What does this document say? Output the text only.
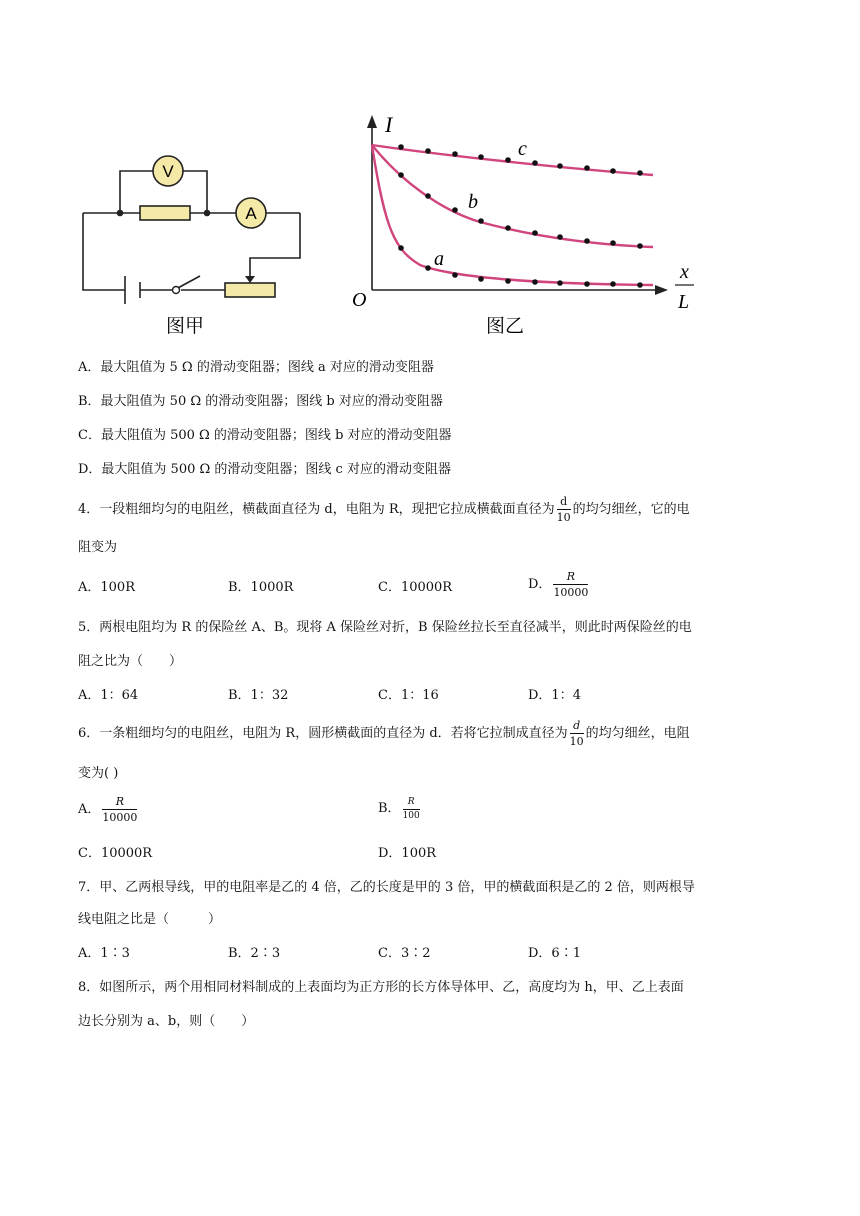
V
A
图甲
I
O
x
L
c
b
a
图乙
A．最大阻值为 5 Ω 的滑动变阻器；图线 a 对应的滑动变阻器
B．最大阻值为 50 Ω 的滑动变阻器；图线 b 对应的滑动变阻器
C．最大阻值为 500 Ω 的滑动变阻器；图线 b 对应的滑动变阻器
D．最大阻值为 500 Ω 的滑动变阻器；图线 c 对应的滑动变阻器
4．一段粗细均匀的电阻丝，横截面直径为 d，电阻为 R，现把它拉成横截面直径为 $\frac{d}{10}$ 的均匀细丝，它的电
阻变为
A．100R	B．1000R	C．10000R	D． $\frac{R}{10000}$
5．两根电阻均为 R 的保险丝 A、B。现将 A 保险丝对折，B 保险丝拉长至直径减半，则此时两保险丝的电
阻之比为（　　）
A．1：64	B．1：32	C．1：16	D．1：4
6．一条粗细均匀的电阻丝，电阻为 R，圆形横截面的直径为 d．若将它拉制成直径为 $\frac{d}{10}$ 的均匀细丝，电阻
变为( )
A． $\frac{R}{10000}$	B． $\frac{R}{100}$
C．10000R	D．100R
7．甲、乙两根导线，甲的电阻率是乙的 4 倍，乙的长度是甲的 3 倍，甲的横截面积是乙的 2 倍，则两根导
线电阻之比是（　　　）
A．1∶3	B．2∶3	C．3∶2	D．6∶1
8．如图所示，两个用相同材料制成的上表面均为正方形的长方体导体甲、乙，高度均为 h，甲、乙上表面
边长分别为 a、b，则（　　）
